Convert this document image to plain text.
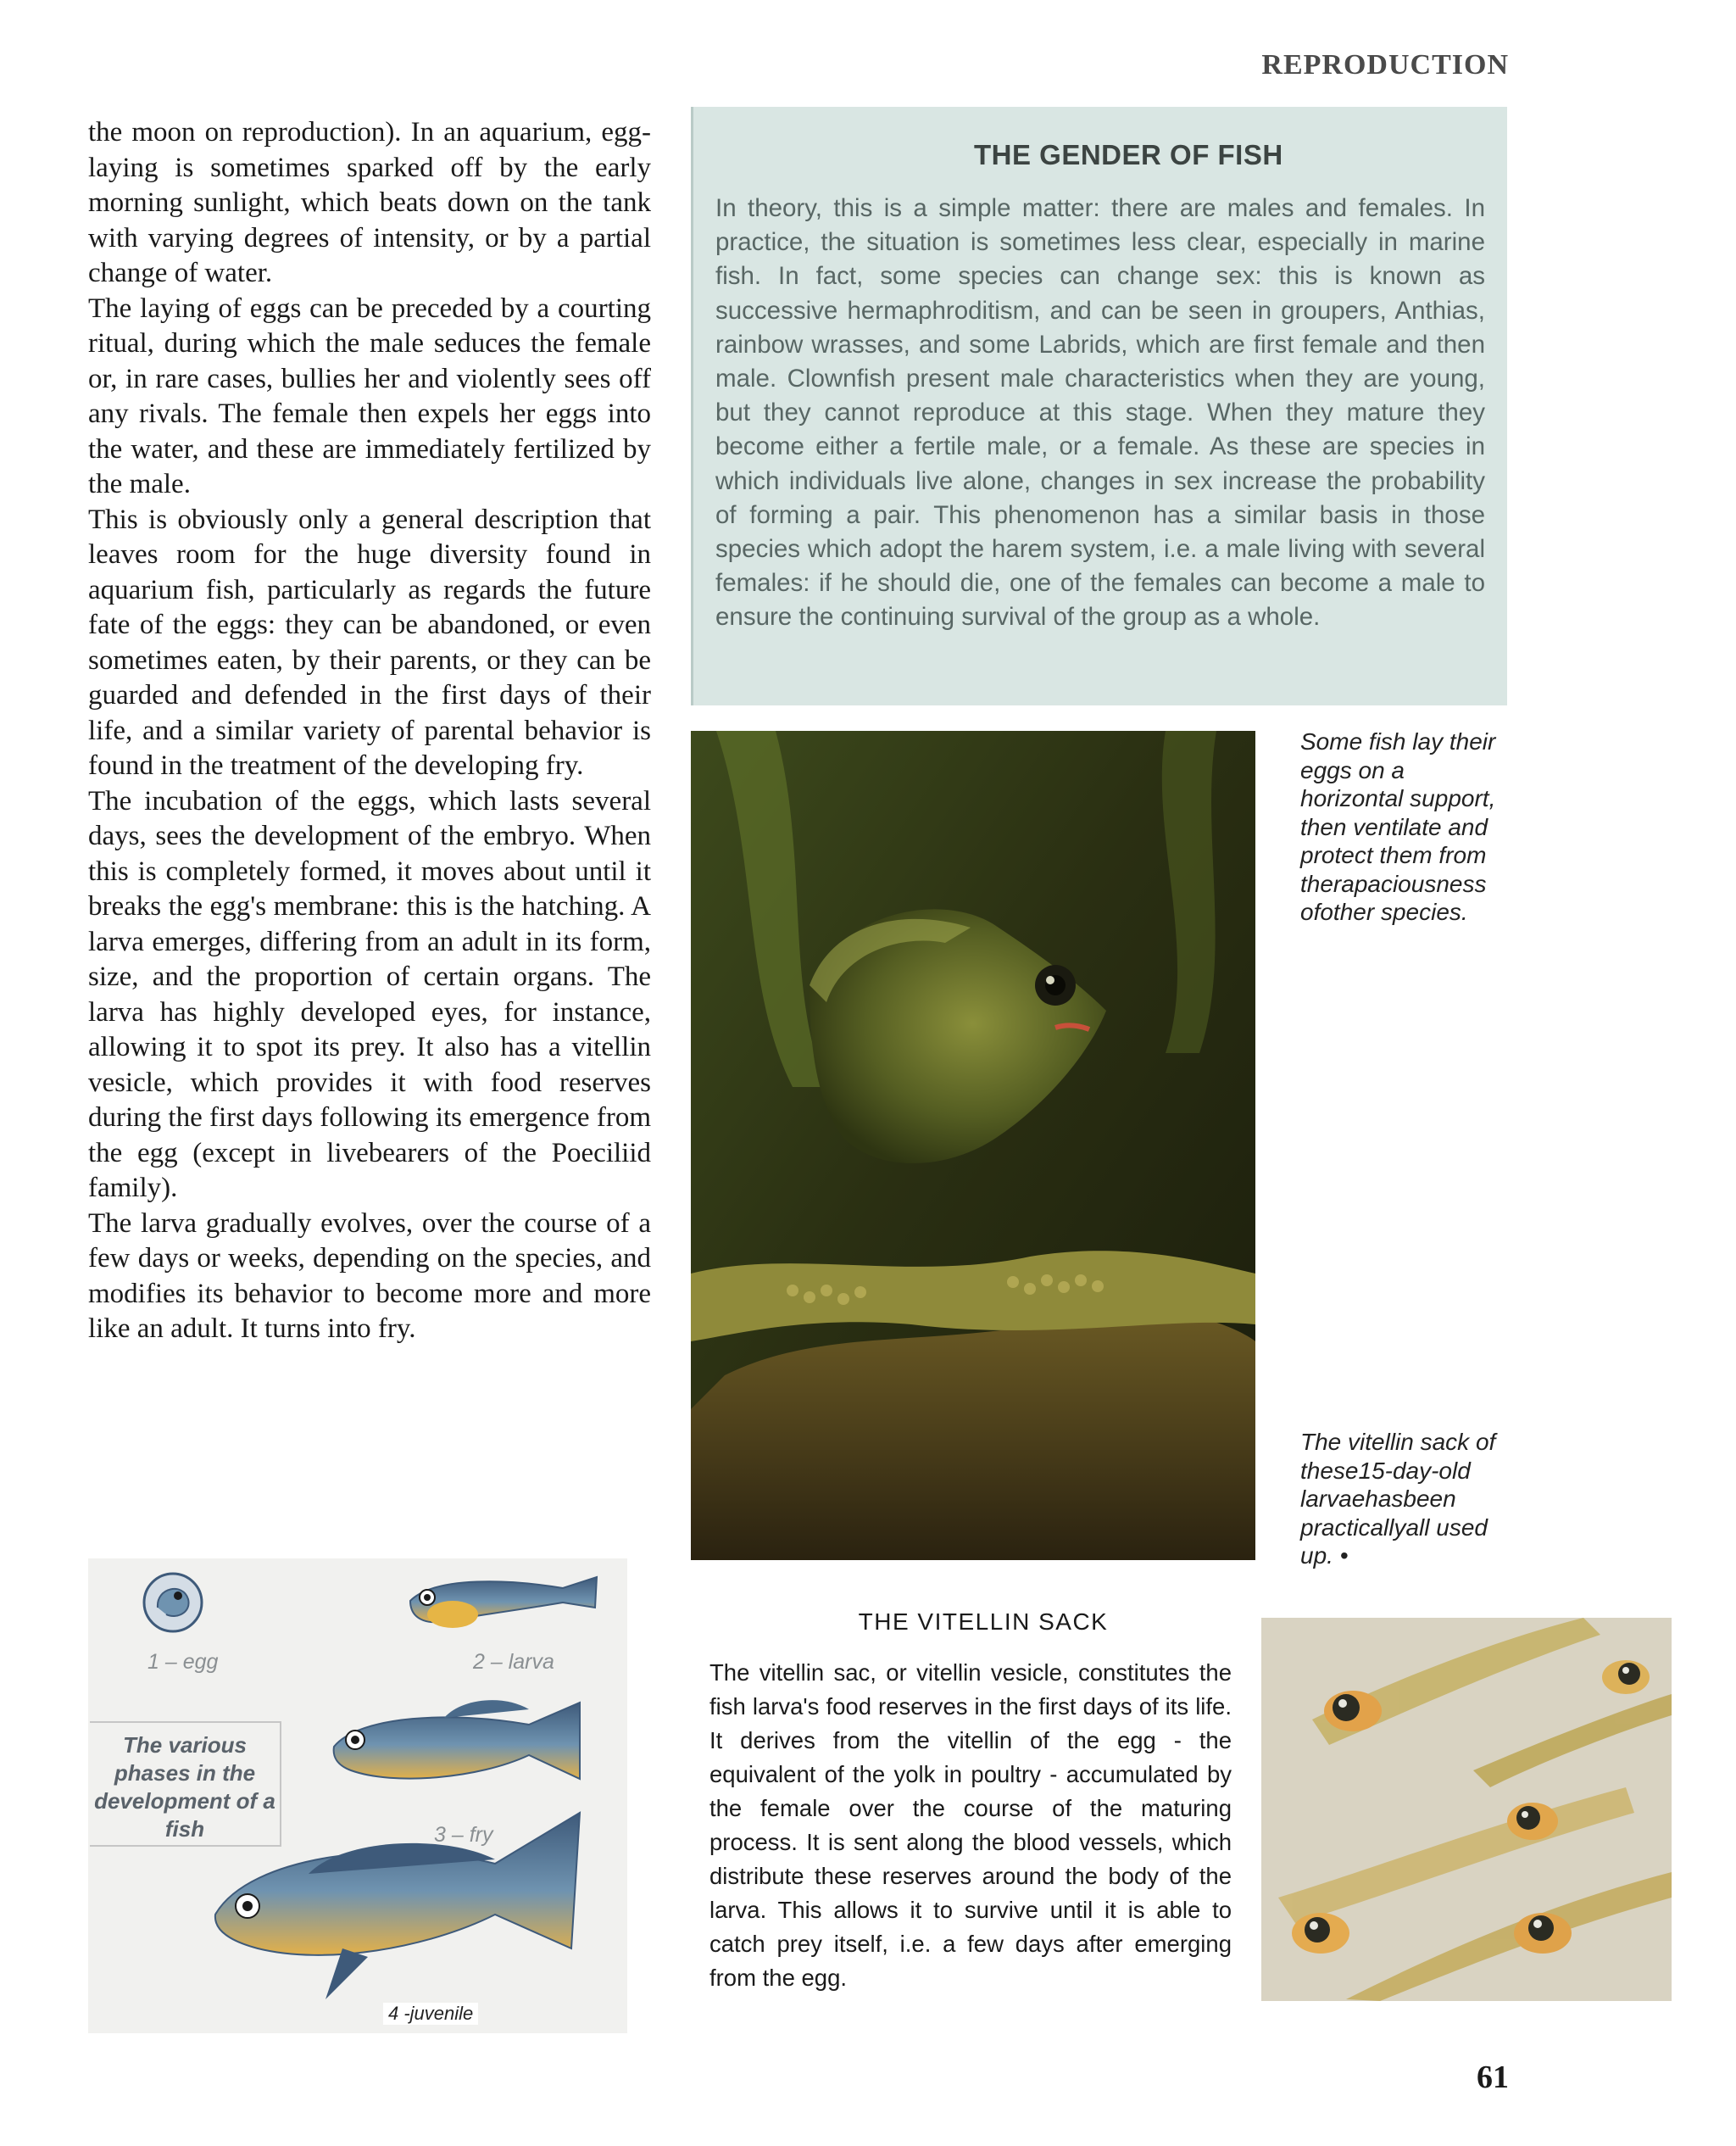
REPRODUCTION

the moon on reproduction). In an aquarium, egg-laying is sometimes sparked off by the early morning sunlight, which beats down on the tank with varying degrees of intensity, or by a partial change of water.

The laying of eggs can be preceded by a courting ritual, during which the male seduces the female or, in rare cases, bullies her and violently sees off any rivals. The female then expels her eggs into the water, and these are immediately fertilized by the male.

This is obviously only a general description that leaves room for the huge diversity found in aquarium fish, particularly as regards the future fate of the eggs: they can be abandoned, or even sometimes eaten, by their parents, or they can be guarded and defended in the first days of their life, and a similar variety of parental behavior is found in the treatment of the developing fry.

The incubation of the eggs, which lasts several days, sees the development of the embryo. When this is completely formed, it moves about until it breaks the egg's membrane: this is the hatching. A larva emerges, differing from an adult in its form, size, and the proportion of certain organs. The larva has highly developed eyes, for instance, allowing it to spot its prey. It also has a vitellin vesicle, which provides it with food reserves during the first days following its emergence from the egg (except in livebearers of the Poeciliid family).

The larva gradually evolves, over the course of a few days or weeks, depending on the species, and modifies its behavior to become more and more like an adult. It turns into fry.

THE GENDER OF FISH
In theory, this is a simple matter: there are males and females. In practice, the situation is sometimes less clear, especially in marine fish. In fact, some species can change sex: this is known as successive hermaphroditism, and can be seen in groupers, Anthias, rainbow wrasses, and some Labrids, which are first female and then male. Clownfish present male characteristics when they are young, but they cannot reproduce at this stage. When they mature they become either a fertile male, or a female. As these are species in which individuals live alone, changes in sex increase the probability of forming a pair. This phenomenon has a similar basis in those species which adopt the harem system, i.e. a male living with several females: if he should die, one of the females can become a male to ensure the continuing survival of the group as a whole.
Some fish lay their eggs on a horizontal support, then ventilate and protect them from therapaciousness ofother species.
The vitellin sack of these15-day-old larvaehasbeen practicallyall used up. •
1 – egg	2 – larva
3 – fry
The various phases in the development of a fish
4 -juvenile
THE VITELLIN SACK
The vitellin sac, or vitellin vesicle, constitutes the fish larva's food reserves in the first days of its life. It derives from the vitellin of the egg - the equivalent of the yolk in poultry - accumulated by the female over the course of the maturing process. It is sent along the blood vessels, which distribute these reserves around the body of the larva. This allows it to survive until it is able to catch prey itself, i.e. a few days after emerging from the egg.
61
